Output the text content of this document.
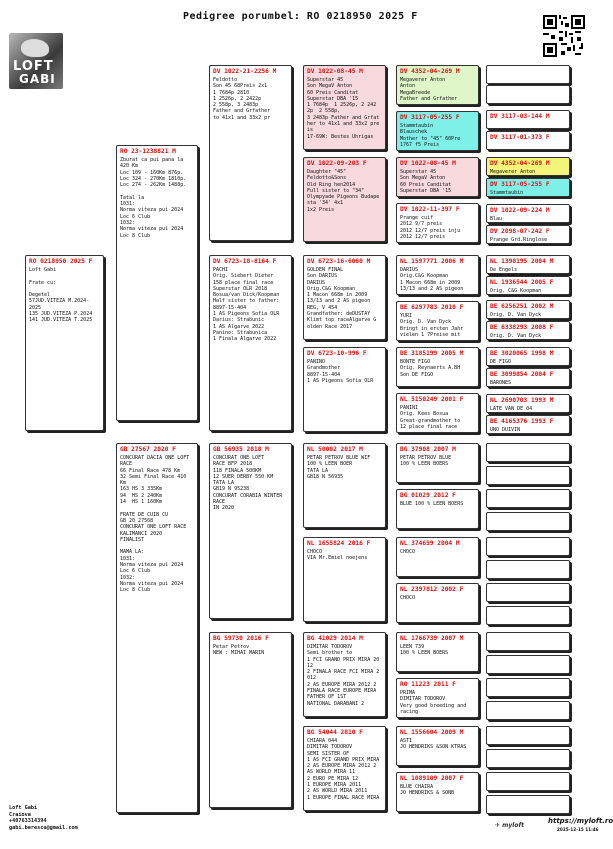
Pedigree porumbel: RO 0218950 2025 F
LOFT
GABI
RO 0218950 2025 F
Loft Gabi

Frate cu:

Degetel
57JUD.VITEZA M.2024-2025
135 JUD.VITEZA P.2024
141 JUD.VITEZA T.2025
RO 23-1238821 M
Zburat ca pui pana la
420 Km
Loc 109 - 160Km 876p.
Loc 324 - 270Km 1810p.
Loc 274 - 262Km 1488p.

Tatal la
1031:
Norma viteza pui 2024
Loc 6 Club
1032:
Norma viteza pui 2024
Loc 8 Club
GB 27567 2020 F
CONCURAT DACIA ONE LOFT
RACE
66 Final Race 478 Km
32 Semi Final Race 410
Km
163 HS 3 335Km
94  HS 2 240Km
14  HS 1 160Km

FRATE DE CUIB CU
GB 20 27568
CONCURAT ONE LOFT RACE
KALIMANCI 2020
FINALIST

MAMA LA:
1031:
Norma viteza pui 2024
Loc 6 Club
1032:
Norma viteza pui 2024
Loc 8 Club
DV 1022-21-2256 M
Feldotto
Son 45 68Preis 2x1
1 7684p 2810
1 2526p, 2 2422p
2 558p, 3 2483p
Father and Grfather
to 41x1 and 33x2 pr
DV 6723-18-8164 F
PACHI
Orig. Siebert Dieter
158 place final race
Superstar OLR 2018
Bosua/van Dick/Koopman
Half sister to father:
8897-15-404
1 AS Pigeons Sofia OLR
Darius: Strabunic
1 AS Algarve 2022
Panino: Strabunica
1 Finala Algarve 2022
GB 56935 2018 M
CONCURAT ONE LOFT
RACE BFP 2018
118 FINALA 500KM
12 SUER DERBY 550 KM
TATA LA
GB19 N 95238
CONCURAT CORABIA WINTER
RACE
IN 2020
BG 59730 2016 F
Petar Petrov
NEW : MIHAI MARIN
DV 1022-08-45 M
Superstar 45
Son MegaV Anton
60 Preis Canditat
Superstar DBA '15
1 7684p  1 2526p, 2 242
2p  2 558p,
3 2483p Father and Grfat
her to 41x1 and 33x2 pre
is
17-69W: Bestes Uhrigas
DV 1022-09-203 F
Daughter "45"
Feldotto&Sons
Old Ring hen2014
Full sister to "34"
Olympyade Pigeons Budape
sta '34' 4x1
1x2 Preis
DV 6723-16-6060 M
GOLDEN FINAL
Son DARIUS
DARIUS
Orig.C&G Koopman
1 Macon 668m in 2009
13/13 and 2 AS pigeon
REG, V 454
Grandfather: deDUSTAY
Klimt top raceAlgarve G
olden Race 2017
DV 6723-10-996 F
PANINO
Grandmother
8897-15-404
1 AS Pigeons Sofia OLR
NL 50002 2017 M
PETAR PETROV BLUE WIF
100 % LEEN BOER
TATA LA
GB18 N 56935
NL 1655824 2016 F
CHOCO
VIA Mr.Emiel noejens
BG 41029 2014 M
DIMITAR TODOROV
Semi brother to
1 FCI GRAND PRIX MIRA 20
12
2 FINALA RACE FCI MIRA 2
012
2 AS EUROPE MIRA 2012 2
FINALA RACE EUROPE MIRA
FATHER OF 1ST
NATIONAL DARABANI 2
BG 54044 2010 F
CHIARA 044
DIMITAR TODOROV
SEMI SISTER OF
1 AS FCI GRAND PRIX MIRA
2 AS EUROPE MIRA 2012 2
AS WORLD MIRA 11
2 EURO PE MIRA 12
1 EUROPE MIRA 2011
2 AS WORLD MIRA 2011
1 EUROPE FINAL RACE MIRA
DV 4352-04-269 M
Megaverer Anton
Anton
MegaBreede
Father and Grfather
DV 3117-05-255 F
Stammtaubin
Blauschek
Mother to "45" 60Pre
1767 f5 Preis
DV 1022-08-45 M
Superstar 45
Son MegaV Anton
60 Preis Canditat
Superstar DBA '15
DV 1022-11-397 F
Prange cuif
2012 9/7 preis
2012 12/7 preis inju
2012 12/7 preis
NL 1597771 2006 M
DARIUS
Orig.C&G Koopman
1 Macon 668m in 2009
13/13 and 2 AS pigeon
BE 6297783 2010 F
YURI
Orig. D. Van Dyck
Bringt in ersten Jahr
vielen 1 7Preise mit
BE 3185199 2005 M
BONTE FIGO
Orig. Reynaerts A.BH
Son DE FIGO
NL 5150249 2001 F
PANINI
Orig. Kees Bosua
Great-grandmother to
12 place final race
BG 37908 2007 M
PETAR PETROV BLUE
100 % LEEN BOERS
BG 01029 2012 F
BLUE 100 % LEEN BOERS
NL 374659 2004 M
CHOCO
NL 2397812 2002 F
CHOCO
NL 1766739 2007 M
LEEN 739
100 % LEEN BOERS
RO 11223 2011 F
PRIMA
DIMITAR TODOROV
Very good breeding and
racing
NL 1556604 2009 M
ASTI
JO HENDRIKS &SON KTRAS
NL 1089109 2007 F
BLUE CHAIRA
JO HENDRIKS & SONB
DV 3117-03-144 M
DV 3117-01-373 F
DV 4352-04-269 M
Megaverer Anton
DV 3117-05-255 F
Stammtaubin
DV 1022-09-224 M
Blau
DV 2098-07-242 F
Prange Grd.Ringlose
NL 1390195 2004 M
De Engels

NL 1936544 2005 F
Orig. C&G Koopman
BE 6256251 2002 M
Orig. D. Van Dyck
BE 6338293 2008 F
Orig. D. Van Dyck
BE 3020065 1998 M
DE FIGO
BE 3099054 2004 F
BARONES
NL 2690703 1993 M
LATE VAN DE 04
BE 4165376 1993 F
UNO DUIVIN
Loft Gabi
Craiova
+40763314394
gabi.berescu@gmail.com	✈ myloft
https://myloft.ro
2025-12-15 11:46
